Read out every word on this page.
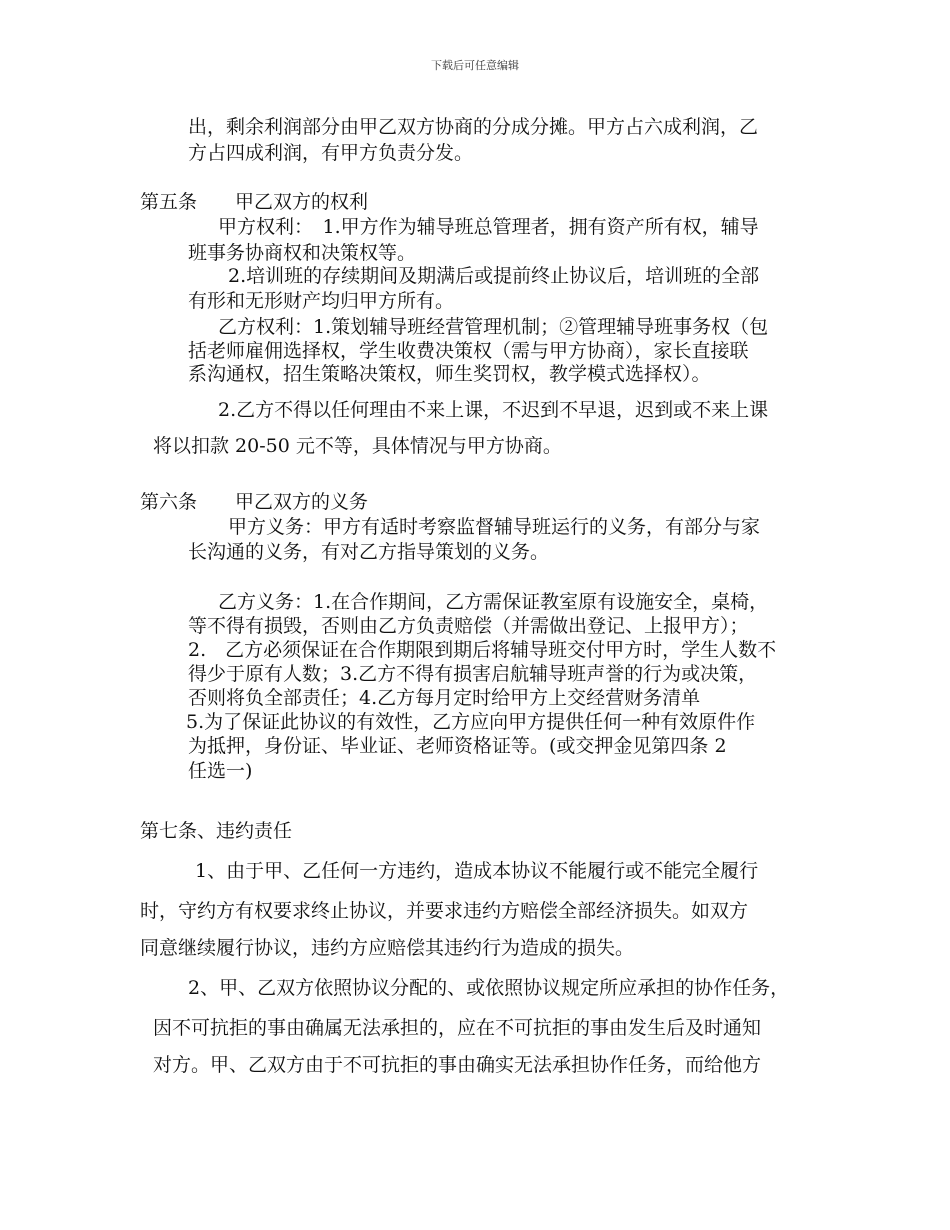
下载后可任意编辑
出，剩余利润部分由甲乙双方协商的分成分摊。甲方占六成利润，乙
方占四成利润，有甲方负责分发。
第五条　　甲乙双方的权利
甲方权利：　1.甲方作为辅导班总管理者，拥有资产所有权，辅导
班事务协商权和决策权等。
2.培训班的存续期间及期满后或提前终止协议后，培训班的全部
有形和无形财产均归甲方所有。
乙方权利：1.策划辅导班经营管理机制；②管理辅导班事务权（包
括老师雇佣选择权，学生收费决策权（需与甲方协商），家长直接联
系沟通权，招生策略决策权，师生奖罚权，教学模式选择权）。
2.乙方不得以任何理由不来上课，不迟到不早退，迟到或不来上课
将以扣款 20-50 元不等，具体情况与甲方协商。
第六条　　甲乙双方的义务
甲方义务：甲方有适时考察监督辅导班运行的义务，有部分与家
长沟通的义务，有对乙方指导策划的义务。
乙方义务：1.在合作期间，乙方需保证教室原有设施安全，桌椅，
等不得有损毁，否则由乙方负责赔偿（并需做出登记、上报甲方）；
2.　乙方必须保证在合作期限到期后将辅导班交付甲方时，学生人数不
得少于原有人数；3.乙方不得有损害启航辅导班声誉的行为或决策，
否则将负全部责任；4.乙方每月定时给甲方上交经营财务清单
5.为了保证此协议的有效性，乙方应向甲方提供任何一种有效原件作
为抵押，身份证、毕业证、老师资格证等。(或交押金见第四条 2
任选一)
第七条、违约责任
1、由于甲、乙任何一方违约，造成本协议不能履行或不能完全履行
时，守约方有权要求终止协议，并要求违约方赔偿全部经济损失。如双方
同意继续履行协议，违约方应赔偿其违约行为造成的损失。
2、甲、乙双方依照协议分配的、或依照协议规定所应承担的协作任务，
因不可抗拒的事由确属无法承担的，应在不可抗拒的事由发生后及时通知
对方。甲、乙双方由于不可抗拒的事由确实无法承担协作任务，而给他方
